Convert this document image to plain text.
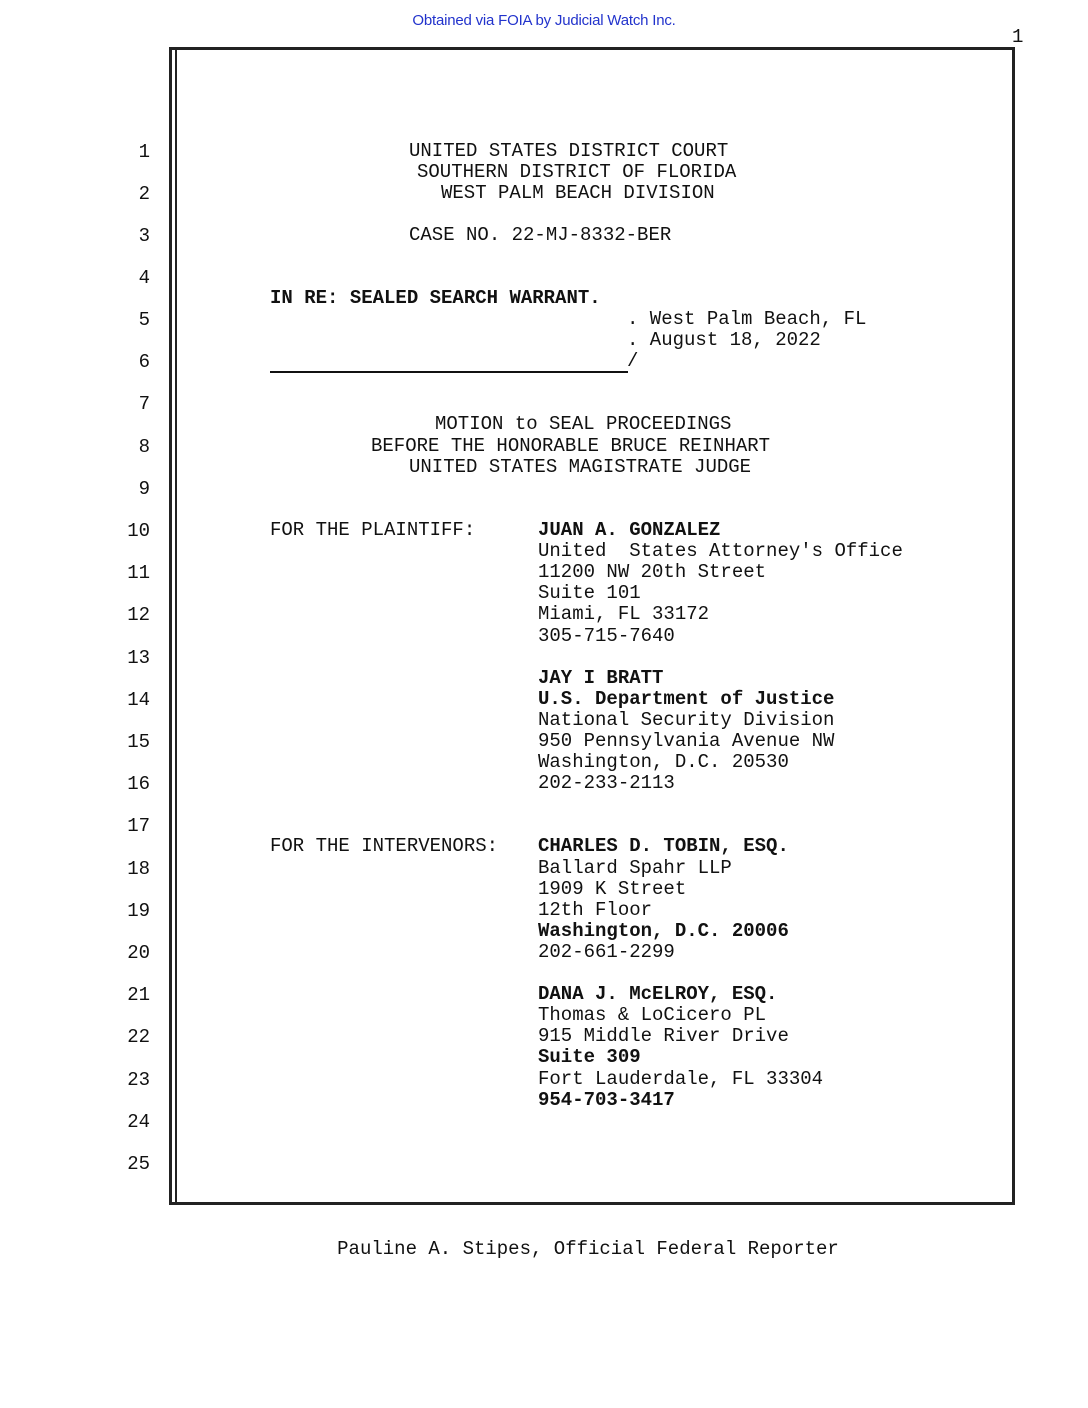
Obtained via FOIA by Judicial Watch Inc.
1
1
2
3
4
5
6
7
8
9
10
11
12
13
14
15
16
17
18
19
20
21
22
23
24
25
UNITED STATES DISTRICT COURT
SOUTHERN DISTRICT OF FLORIDA
WEST PALM BEACH DIVISION
CASE NO. 22-MJ-8332-BER
IN RE: SEALED SEARCH WARRANT.
. West Palm Beach, FL
. August 18, 2022
/
MOTION to SEAL PROCEEDINGS
BEFORE THE HONORABLE BRUCE REINHART
UNITED STATES MAGISTRATE JUDGE
FOR THE PLAINTIFF:	JUAN A. GONZALEZ
United  States Attorney's Office
11200 NW 20th Street
Suite 101
Miami, FL 33172
305-715-7640
JAY I BRATT
U.S. Department of Justice
National Security Division
950 Pennsylvania Avenue NW
Washington, D.C. 20530
202-233-2113
FOR THE INTERVENORS: CHARLES D. TOBIN, ESQ.
Ballard Spahr LLP
1909 K Street
12th Floor
Washington, D.C. 20006
202-661-2299
DANA J. McELROY, ESQ.
Thomas & LoCicero PL
915 Middle River Drive
Suite 309
Fort Lauderdale, FL 33304
954-703-3417
Pauline A. Stipes, Official Federal Reporter
